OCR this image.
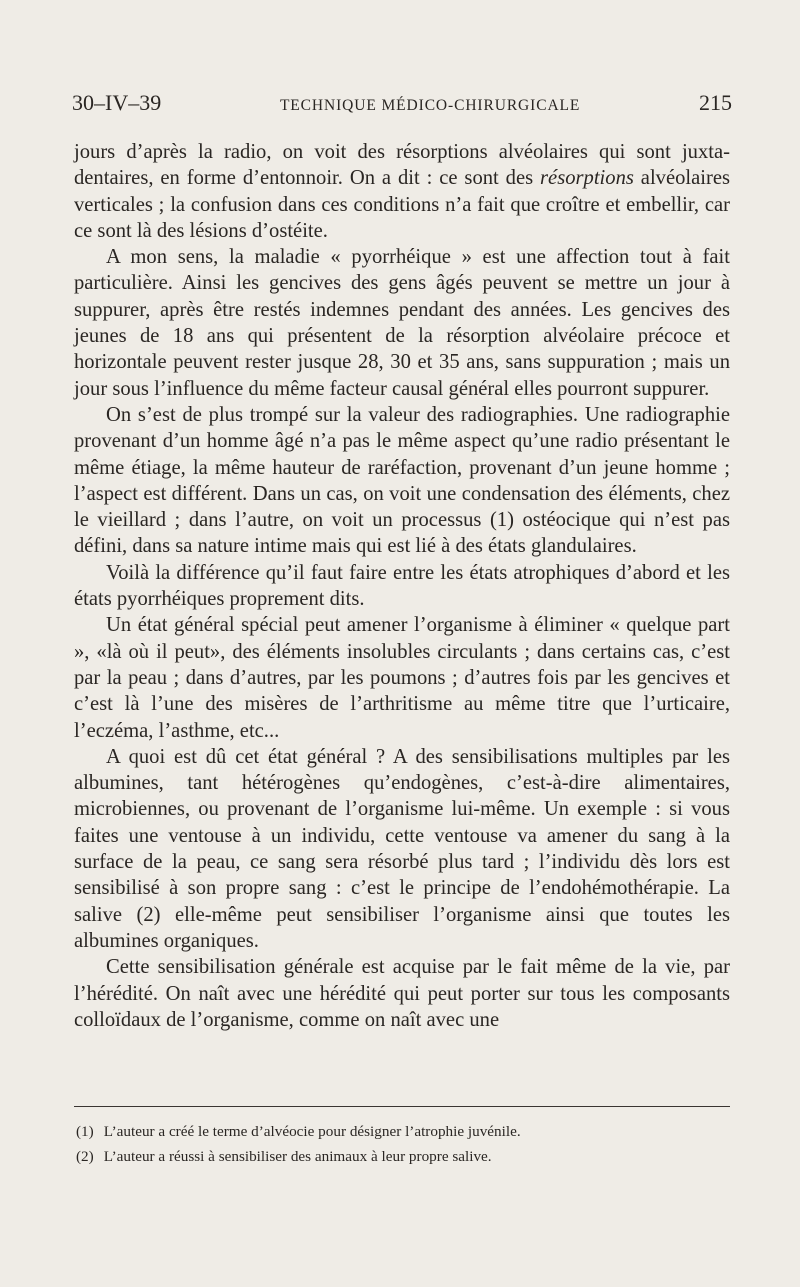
30–IV–39	TECHNIQUE MÉDICO-CHIRURGICALE	215

jours d’après la radio, on voit des résorptions alvéolaires qui sont juxta-dentaires, en forme d’entonnoir. On a dit : ce sont des résorptions alvéolaires verticales ; la confusion dans ces conditions n’a fait que croître et embellir, car ce sont là des lésions d’ostéite.

A mon sens, la maladie « pyorrhéique » est une affection tout à fait particulière. Ainsi les gencives des gens âgés peuvent se mettre un jour à suppurer, après être restés indemnes pendant des années. Les gencives des jeunes de 18 ans qui présentent de la résorption alvéolaire précoce et horizontale peuvent rester jusque 28, 30 et 35 ans, sans suppuration ; mais un jour sous l’influence du même facteur causal général elles pourront suppurer.

On s’est de plus trompé sur la valeur des radiographies. Une radiographie provenant d’un homme âgé n’a pas le même aspect qu’une radio présentant le même étiage, la même hauteur de raréfaction, provenant d’un jeune homme ; l’aspect est différent. Dans un cas, on voit une condensation des éléments, chez le vieillard ; dans l’autre, on voit un processus (1) ostéocique qui n’est pas défini, dans sa nature intime mais qui est lié à des états glandulaires.

Voilà la différence qu’il faut faire entre les états atrophiques d’abord et les états pyorrhéiques proprement dits.

Un état général spécial peut amener l’organisme à éliminer « quelque part », «là où il peut», des éléments insolubles circulants ; dans certains cas, c’est par la peau ; dans d’autres, par les poumons ; d’autres fois par les gencives et c’est là l’une des misères de l’arthritisme au même titre que l’urticaire, l’eczéma, l’asthme, etc...

A quoi est dû cet état général ? A des sensibilisations multiples par les albumines, tant hétérogènes qu’endogènes, c’est-à-dire alimentaires, microbiennes, ou provenant de l’organisme lui-même. Un exemple : si vous faites une ventouse à un individu, cette ventouse va amener du sang à la surface de la peau, ce sang sera résorbé plus tard ; l’individu dès lors est sensibilisé à son propre sang : c’est le principe de l’endohémothérapie. La salive (2) elle-même peut sensibiliser l’organisme ainsi que toutes les albumines organiques.

Cette sensibilisation générale est acquise par le fait même de la vie, par l’hérédité. On naît avec une hérédité qui peut porter sur tous les composants colloïdaux de l’organisme, comme on naît avec une

(1) L’auteur a créé le terme d’alvéocie pour désigner l’atrophie juvénile.
(2) L’auteur a réussi à sensibiliser des animaux à leur propre salive.
